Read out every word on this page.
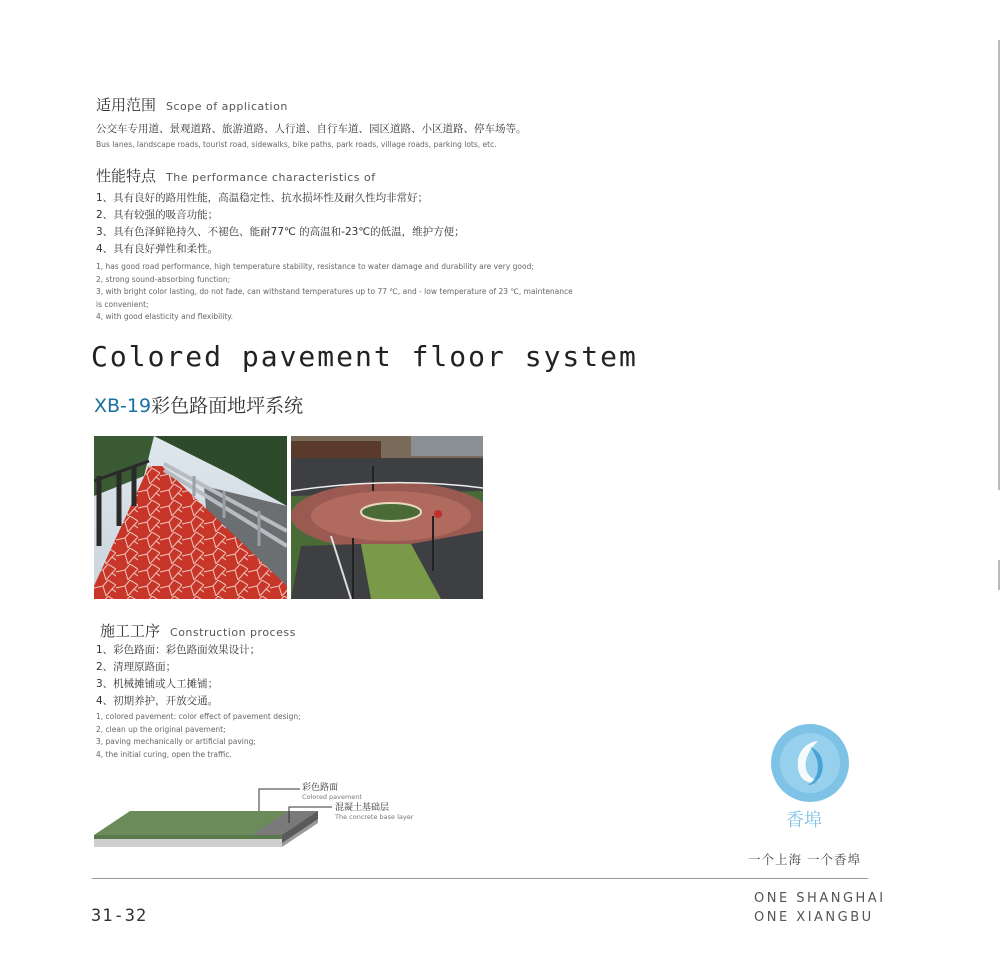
适用范围 Scope of application
公交车专用道、景观道路、旅游道路、人行道、自行车道、园区道路、小区道路、停车场等。
Bus lanes, landscape roads, tourist road, sidewalks, bike paths, park roads, village roads, parking lots, etc.
性能特点 The performance characteristics of
1、具有良好的路用性能，高温稳定性、抗水损坏性及耐久性均非常好；
2、具有较强的吸音功能；
3、具有色泽鲜艳持久、不褪色、能耐77℃ 的高温和-23℃的低温，维护方便；
4、具有良好弹性和柔性。
1, has good road performance, high temperature stability, resistance to water damage and durability are very good;
2, strong sound-absorbing function;
3, with bright color lasting, do not fade, can withstand temperatures up to 77 ℃, and - low temperature of 23 ℃, maintenance
is convenient;
4, with good elasticity and flexibility.
Colored pavement floor system
XB-19彩色路面地坪系统
施工工序 Construction process
1、彩色路面：彩色路面效果设计；
2、清理原路面；
3、机械摊铺或人工摊铺；
4、初期养护，开放交通。
1, colored pavement: color effect of pavement design;
2, clean up the original pavement;
3, paving mechanically or artificial paving;
4, the initial curing, open the traffic.
彩色路面
Colored pavement
混凝土基础层
The concrete base layer	香埠
一个上海 一个香埠
31-32
ONE SHANGHAI
ONE XIANGBU
